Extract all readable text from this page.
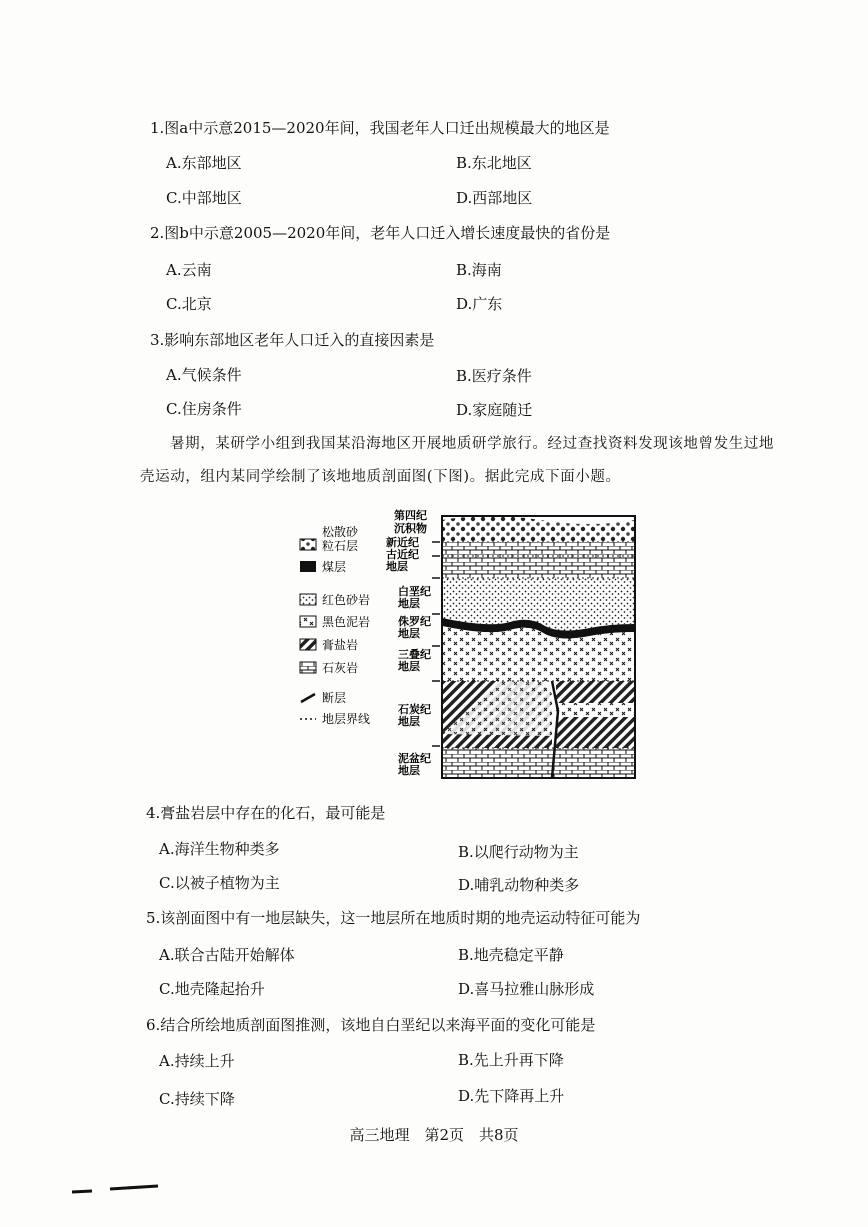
1.图a中示意2015—2020年间，我国老年人口迁出规模最大的地区是
A.东部地区	B.东北地区
C.中部地区	D.西部地区
2.图b中示意2005—2020年间，老年人口迁入增长速度最快的省份是
A.云南	B.海南
C.北京	D.广东
3.影响东部地区老年人口迁入的直接因素是
A.气候条件	B.医疗条件
C.住房条件	D.家庭随迁
暑期，某研学小组到我国某沿海地区开展地质研学旅行。经过查找资料发现该地曾发生过地
壳运动，组内某同学绘制了该地地质剖面图(下图)。据此完成下面小题。
松散砂
粒石层
煤层
红色砂岩
黑色泥岩
膏盐岩
石灰岩
断层
地层界线
第四纪
沉积物
新近纪
古近纪
地层
白垩纪
地层
侏罗纪
地层
三叠纪
地层
石炭纪
地层
泥盆纪
地层
4.膏盐岩层中存在的化石，最可能是
A.海洋生物种类多	B.以爬行动物为主
C.以被子植物为主	D.哺乳动物种类多
5.该剖面图中有一地层缺失，这一地层所在地质时期的地壳运动特征可能为
A.联合古陆开始解体	B.地壳稳定平静
C.地壳隆起抬升	D.喜马拉雅山脉形成
6.结合所绘地质剖面图推测，该地自白垩纪以来海平面的变化可能是
A.持续上升	B.先上升再下降
C.持续下降	D.先下降再上升
高三地理　第2页　共8页
